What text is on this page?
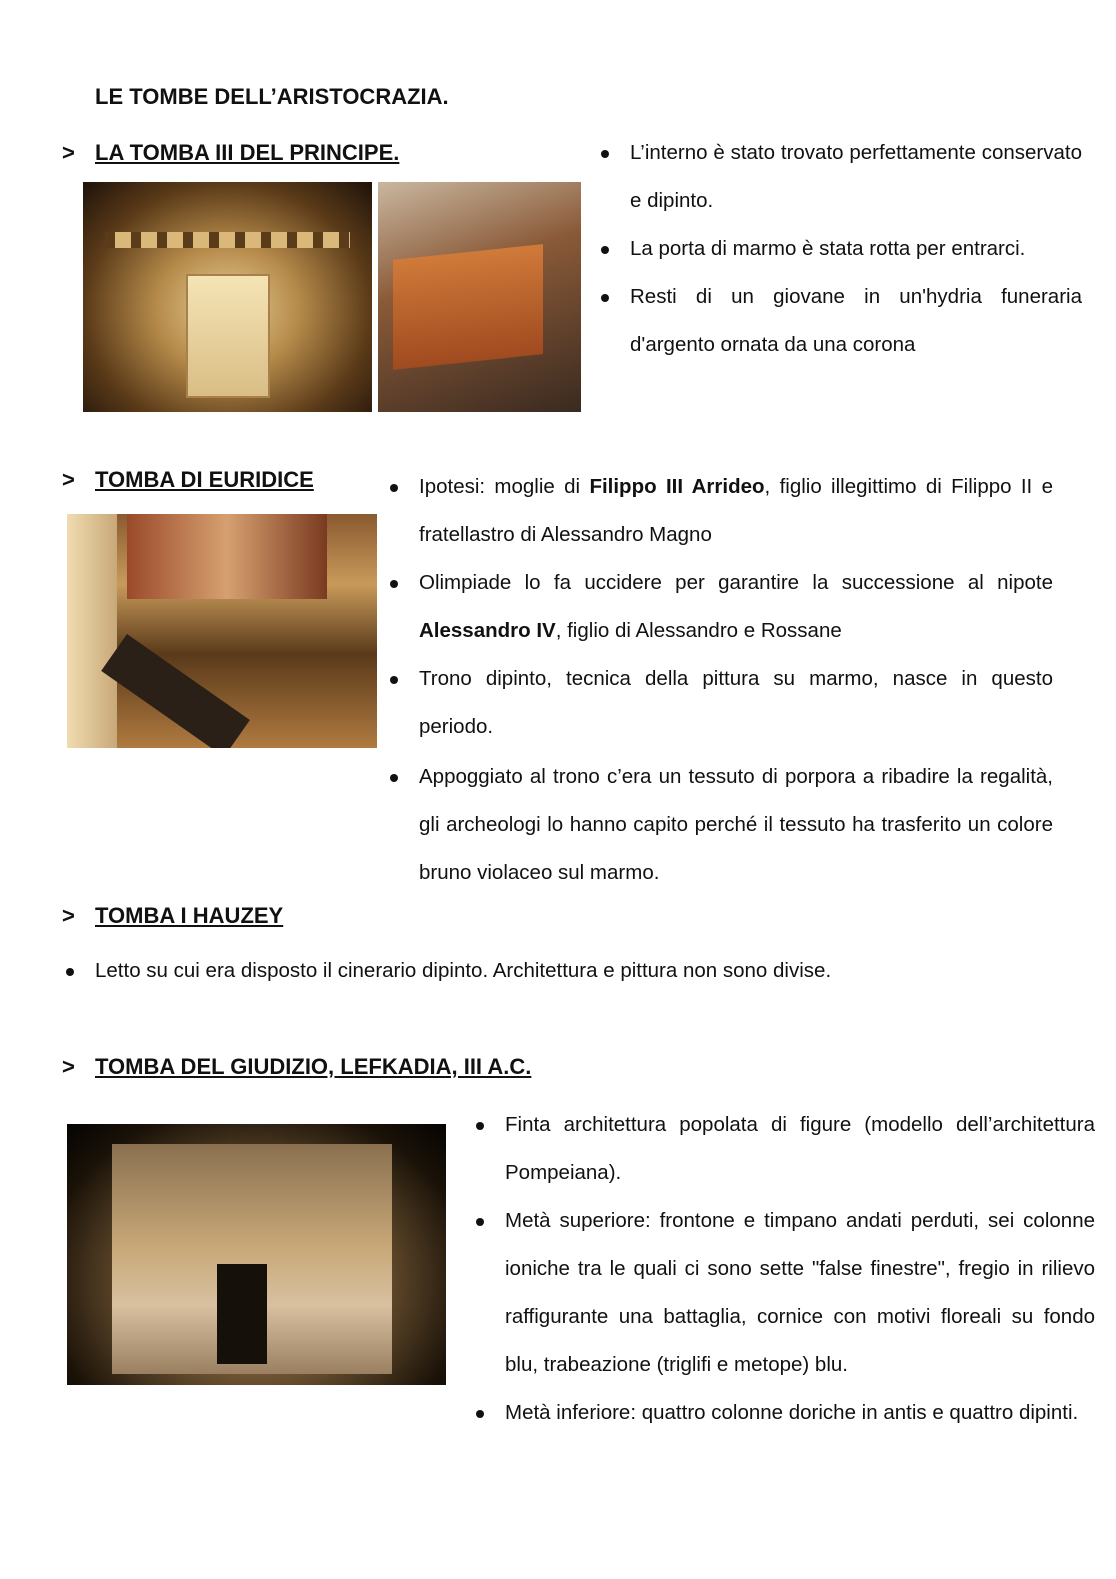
LE TOMBE DELL’ARISTOCRAZIA.
> LA TOMBA III DEL PRINCIPE.	L’interno è stato trovato perfettamente conservato e dipinto.
La porta di marmo è stata rotta per entrarci.
Resti di un giovane in un'hydria funeraria d'argento ornata da una corona
> TOMBA DI EURIDICE	Ipotesi: moglie di Filippo III Arrideo, figlio illegittimo di Filippo II e fratellastro di Alessandro Magno
Olimpiade lo fa uccidere per garantire la successione al nipote Alessandro IV, figlio di Alessandro e Rossane
Trono dipinto, tecnica della pittura su marmo, nasce in questo periodo.
Appoggiato al trono c’era un tessuto di porpora a ribadire la regalità, gli archeologi lo hanno capito perché il tessuto ha trasferito un colore bruno violaceo sul marmo.
> TOMBA I HAUZEY
Letto su cui era disposto il cinerario dipinto. Architettura e pittura non sono divise.
> TOMBA DEL GIUDIZIO, LEFKADIA, III A.C.
Finta architettura popolata di figure (modello dell’architettura Pompeiana).
Metà superiore: frontone e timpano andati perduti, sei colonne ioniche tra le quali ci sono sette "false finestre", fregio in rilievo raffigurante una battaglia, cornice con motivi floreali su fondo blu, trabeazione (triglifi e metope) blu.
Metà inferiore: quattro colonne doriche in antis e quattro dipinti.
